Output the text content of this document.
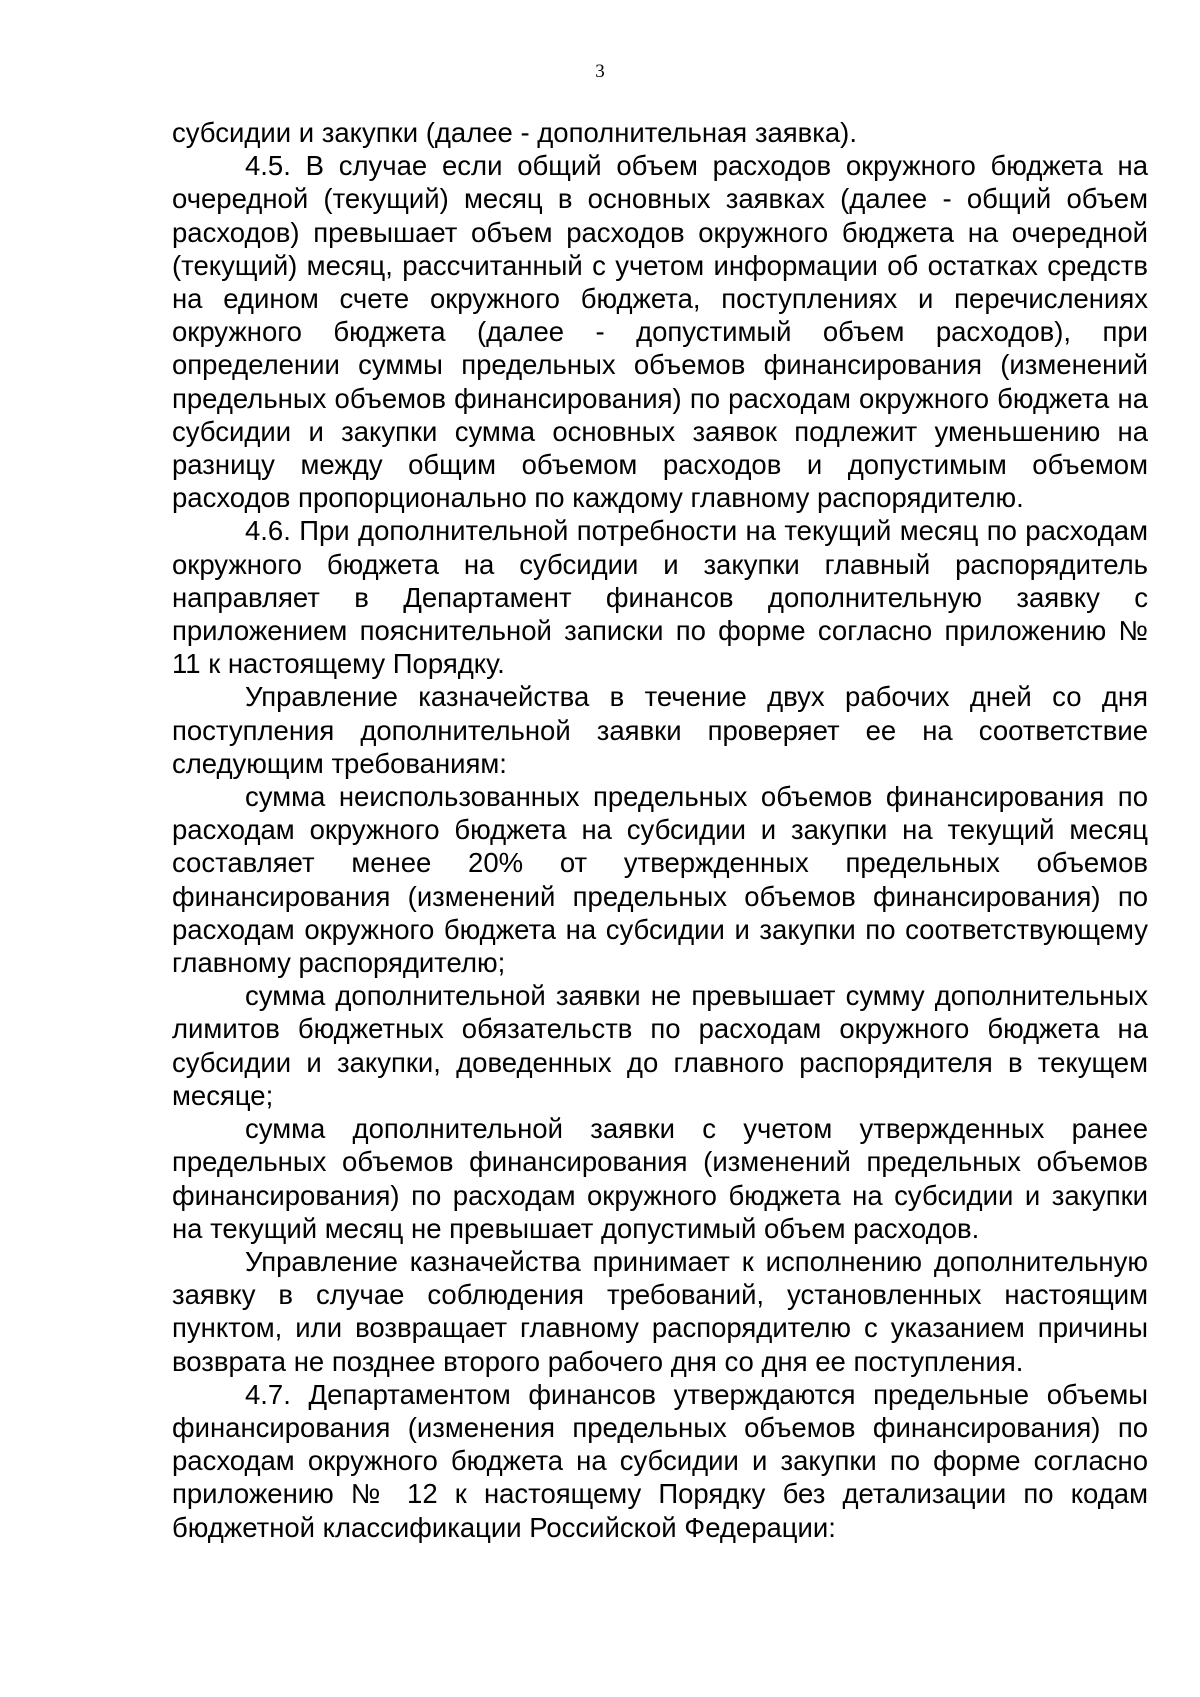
3

субсидии и закупки (далее - дополнительная заявка).

4.5. В случае если общий объем расходов окружного бюджета на очередной (текущий) месяц в основных заявках (далее - общий объем расходов) превышает объем расходов окружного бюджета на очередной (текущий) месяц, рассчитанный с учетом информации об остатках средств на едином счете окружного бюджета, поступлениях и перечислениях окружного бюджета (далее - допустимый объем расходов), при определении суммы предельных объемов финансирования (изменений предельных объемов финансирования) по расходам окружного бюджета на субсидии и закупки сумма основных заявок подлежит уменьшению на разницу между общим объемом расходов и допустимым объемом расходов пропорционально по каждому главному распорядителю.

4.6. При дополнительной потребности на текущий месяц по расходам окружного бюджета на субсидии и закупки главный распорядитель направляет в Департамент финансов дополнительную заявку с приложением пояснительной записки по форме согласно приложению № 11 к настоящему Порядку.

Управление казначейства в течение двух рабочих дней со дня поступления дополнительной заявки проверяет ее на соответствие следующим требованиям:

сумма неиспользованных предельных объемов финансирования по расходам окружного бюджета на субсидии и закупки на текущий месяц составляет менее 20% от утвержденных предельных объемов финансирования (изменений предельных объемов финансирования) по расходам окружного бюджета на субсидии и закупки по соответствующему главному распорядителю;

сумма дополнительной заявки не превышает сумму дополнительных лимитов бюджетных обязательств по расходам окружного бюджета на субсидии и закупки, доведенных до главного распорядителя в текущем месяце;

сумма дополнительной заявки с учетом утвержденных ранее предельных объемов финансирования (изменений предельных объемов финансирования) по расходам окружного бюджета на субсидии и закупки на текущий месяц не превышает допустимый объем расходов.

Управление казначейства принимает к исполнению дополнительную заявку в случае соблюдения требований, установленных настоящим пунктом, или возвращает главному распорядителю с указанием причины возврата не позднее второго рабочего дня со дня ее поступления.

4.7. Департаментом финансов утверждаются предельные объемы финансирования (изменения предельных объемов финансирования) по расходам окружного бюджета на субсидии и закупки по форме согласно приложению № 12 к настоящему Порядку без детализации по кодам бюджетной классификации Российской Федерации:
